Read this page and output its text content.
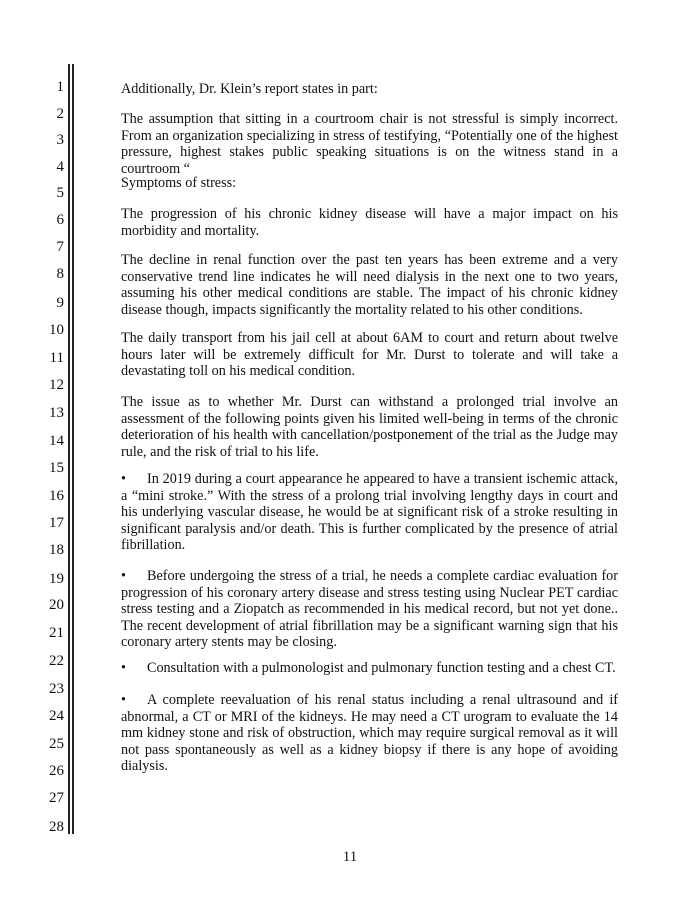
1
2
3
4
5
6
7
8
9
10
11
12
13
14
15
16
17
18
19
20
21
22
23
24
25
26
27
28

Additionally, Dr. Klein’s report states in part:

The assumption that sitting in a courtroom chair is not stressful is simply incorrect. From an organization specializing in stress of testifying, “Potentially one of the highest pressure, highest stakes public speaking situations is on the witness stand in a courtroom “

Symptoms of stress:

The progression of his chronic kidney disease will have a major impact on his morbidity and mortality.

The decline in renal function over the past ten years has been extreme and a very conservative trend line indicates he will need dialysis in the next one to two years, assuming his other medical conditions are stable. The impact of his chronic kidney disease though, impacts significantly the mortality related to his other conditions.

The daily transport from his jail cell at about 6AM to court and return about twelve hours later will be extremely difficult for Mr. Durst to tolerate and will take a devastating toll on his medical condition.

The issue as to whether Mr. Durst can withstand a prolonged trial involve an assessment of the following points given his limited well-being in terms of the chronic deterioration of his health with cancellation/postponement of the trial as the Judge may rule, and the risk of trial to his life.

• In 2019 during a court appearance he appeared to have a transient ischemic attack, a “mini stroke.” With the stress of a prolong trial involving lengthy days in court and his underlying vascular disease, he would be at significant risk of a stroke resulting in significant paralysis and/or death. This is further complicated by the presence of atrial fibrillation.

• Before undergoing the stress of a trial, he needs a complete cardiac evaluation for progression of his coronary artery disease and stress testing using Nuclear PET cardiac stress testing and a Ziopatch as recommended in his medical record, but not yet done.. The recent development of atrial fibrillation may be a significant warning sign that his coronary artery stents may be closing.

• Consultation with a pulmonologist and pulmonary function testing and a chest CT.

• A complete reevaluation of his renal status including a renal ultrasound and if abnormal, a CT or MRI of the kidneys. He may need a CT urogram to evaluate the 14 mm kidney stone and risk of obstruction, which may require surgical removal as it will not pass spontaneously as well as a kidney biopsy if there is any hope of avoiding dialysis.

11
